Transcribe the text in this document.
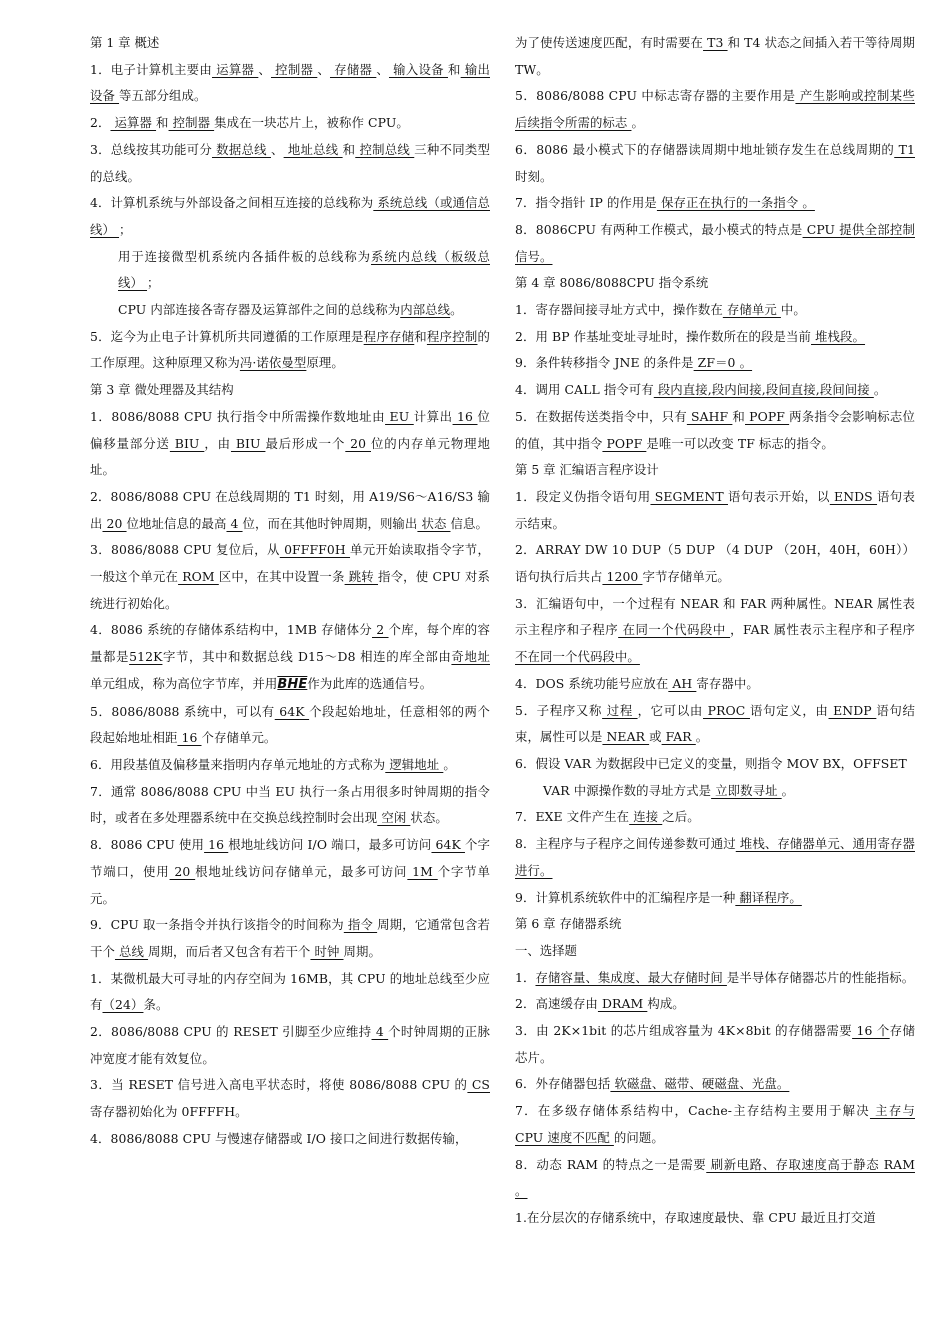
第 1 章 概述

1．电子计算机主要由 运算器 、 控制器 、 存储器 、 输入设备 和 输出设备 等五部分组成。

2． 运算器 和 控制器 集成在一块芯片上，被称作 CPU。

3．总线按其功能可分 数据总线 、 地址总线 和 控制总线 三种不同类型的总线。

4．计算机系统与外部设备之间相互连接的总线称为 系统总线（或通信总线） ；

用于连接微型机系统内各插件板的总线称为系统内总线（板级总线） ；

CPU 内部连接各寄存器及运算部件之间的总线称为内部总线。

5．迄今为止电子计算机所共同遵循的工作原理是程序存储和程序控制的工作原理。这种原理又称为冯·诺依曼型原理。

第 3 章 微处理器及其结构

1．8086/8088 CPU 执行指令中所需操作数地址由 EU 计算出 16 位偏移量部分送 BIU ，由 BIU 最后形成一个 20 位的内存单元物理地址。

2．8086/8088 CPU 在总线周期的 T1 时刻，用 A19/S6～A16/S3 输出 20 位地址信息的最高 4 位，而在其他时钟周期，则输出 状态 信息。

3．8086/8088 CPU 复位后，从 0FFFF0H 单元开始读取指令字节，一般这个单元在 ROM 区中，在其中设置一条 跳转 指令，使 CPU 对系统进行初始化。

4．8086 系统的存储体系结构中，1MB 存储体分 2 个库，每个库的容量都是512K字节，其中和数据总线 D15～D8 相连的库全部由奇地址 单元组成，称为高位字节库，并用BHE作为此库的选通信号。

5．8086/8088 系统中，可以有 64K 个段起始地址，任意相邻的两个段起始地址相距 16 个存储单元。

6．用段基值及偏移量来指明内存单元地址的方式称为 逻辑地址 。

7．通常 8086/8088 CPU 中当 EU 执行一条占用很多时钟周期的指令时，或者在多处理器系统中在交换总线控制时会出现 空闲 状态。

8．8086 CPU 使用 16 根地址线访问 I/O 端口，最多可访问 64K 个字节端口，使用 20 根地址线访问存储单元，最多可访问 1M 个字节单元。

9．CPU 取一条指令并执行该指令的时间称为 指令 周期，它通常包含若干个 总线 周期，而后者又包含有若干个 时钟 周期。

1．某微机最大可寻址的内存空间为 16MB，其 CPU 的地址总线至少应有（24）条。

2．8086/8088 CPU 的 RESET 引脚至少应维持 4 个时钟周期的正脉冲宽度才能有效复位。

3．当 RESET 信号进入高电平状态时，将使 8086/8088 CPU 的 CS 寄存器初始化为 0FFFFH。

4．8086/8088 CPU 与慢速存储器或 I/O 接口之间进行数据传输，

为了使传送速度匹配，有时需要在 T3 和 T4 状态之间插入若干等待周期 TW。

5．8086/8088 CPU 中标志寄存器的主要作用是 产生影响或控制某些后续指令所需的标志 。

6．8086 最小模式下的存储器读周期中地址锁存发生在总线周期的 T1 时刻。

7．指令指针 IP 的作用是 保存正在执行的一条指令 。

8．8086CPU 有两种工作模式，最小模式的特点是 CPU 提供全部控制信号。

第 4 章 8086/8088CPU 指令系统

1．寄存器间接寻址方式中，操作数在 存储单元 中。

2．用 BP 作基址变址寻址时，操作数所在的段是当前 堆栈段。

9．条件转移指令 JNE 的条件是 ZF＝0 。

4．调用 CALL 指令可有 段内直接,段内间接,段间直接,段间间接 。

5．在数据传送类指令中，只有 SAHF 和 POPF 两条指令会影响标志位的值，其中指令 POPF 是唯一可以改变 TF 标志的指令。

第 5 章 汇编语言程序设计

1．段定义伪指令语句用 SEGMENT 语句表示开始，以 ENDS 语句表示结束。

2．ARRAY DW 10 DUP（5 DUP （4 DUP （20H，40H，60H））语句执行后共占 1200 字节存储单元。

3．汇编语句中，一个过程有 NEAR 和 FAR 两种属性。NEAR 属性表示主程序和子程序 在同一个代码段中 ，FAR 属性表示主程序和子程序不在同一个代码段中。

4．DOS 系统功能号应放在 AH 寄存器中。

5．子程序又称 过程 ，它可以由 PROC 语句定义，由 ENDP 语句结束，属性可以是 NEAR 或 FAR 。

6．假设 VAR 为数据段中已定义的变量，则指令 MOV BX，OFFSET

VAR 中源操作数的寻址方式是 立即数寻址 。

7．EXE 文件产生在 连接 之后。

8．主程序与子程序之间传递参数可通过 堆栈、存储器单元、通用寄存器进行。

9．计算机系统软件中的汇编程序是一种 翻译程序。

第 6 章 存储器系统

一、选择题

1．存储容量、集成度、最大存储时间 是半导体存储器芯片的性能指标。

2．高速缓存由 DRAM 构成。

3．由 2K×1bit 的芯片组成容量为 4K×8bit 的存储器需要 16 个存储芯片。

6．外存储器包括 软磁盘、磁带、硬磁盘、光盘。

7．在多级存储体系结构中，Cache-主存结构主要用于解决 主存与 CPU 速度不匹配 的问题。

8．动态 RAM 的特点之一是需要 刷新电路、存取速度高于静态 RAM 。

1.在分层次的存储系统中，存取速度最快、靠 CPU 最近且打交道
